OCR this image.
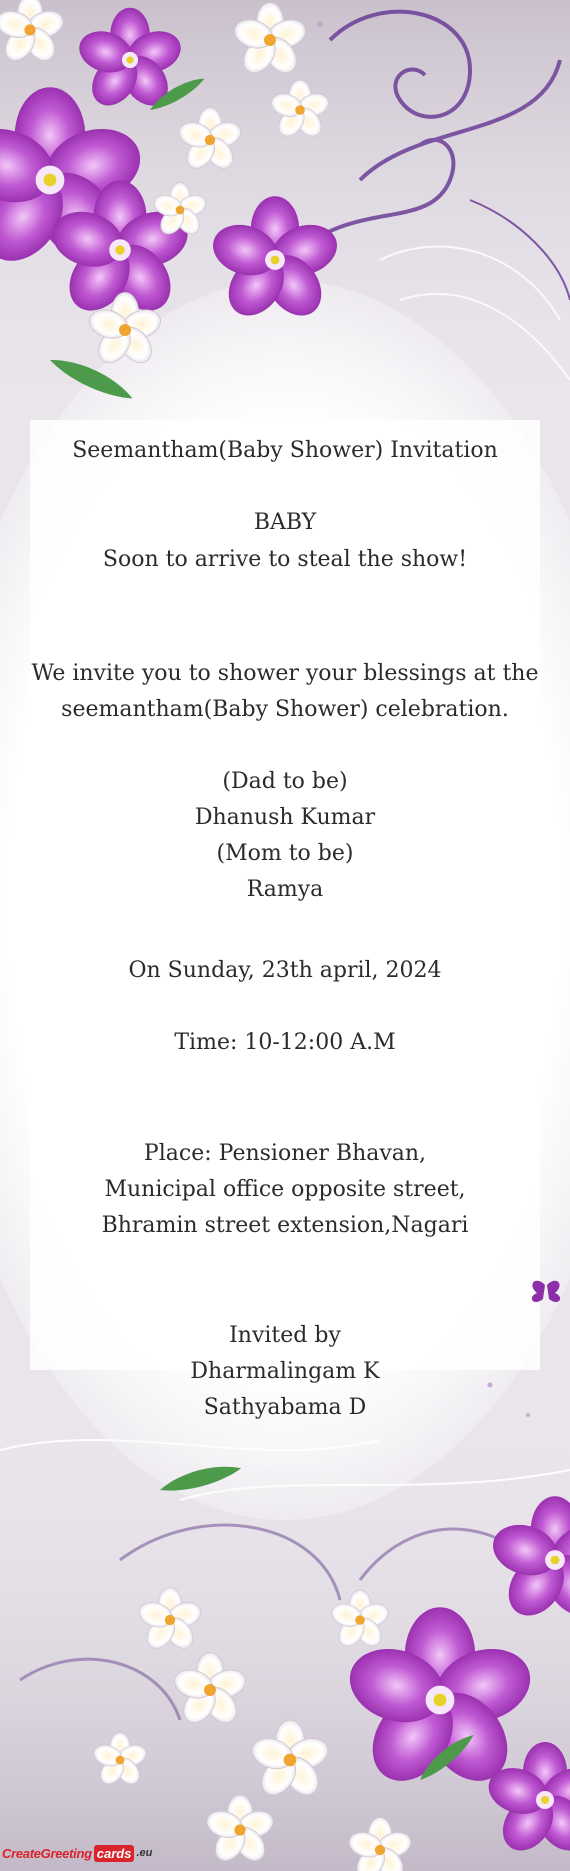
Seemantham(Baby Shower) Invitation
BABY
Soon to arrive to steal the show!
We invite you to shower your blessings at the
seemantham(Baby Shower) celebration.
(Dad to be)
Dhanush Kumar
(Mom to be)
Ramya
On Sunday, 23th april, 2024
Time: 10-12:00 A.M
Place: Pensioner Bhavan,
Municipal office opposite street,
Bhramin street extension,Nagari
Invited by
Dharmalingam K
Sathyabama D
CreateGreeting cards .eu
